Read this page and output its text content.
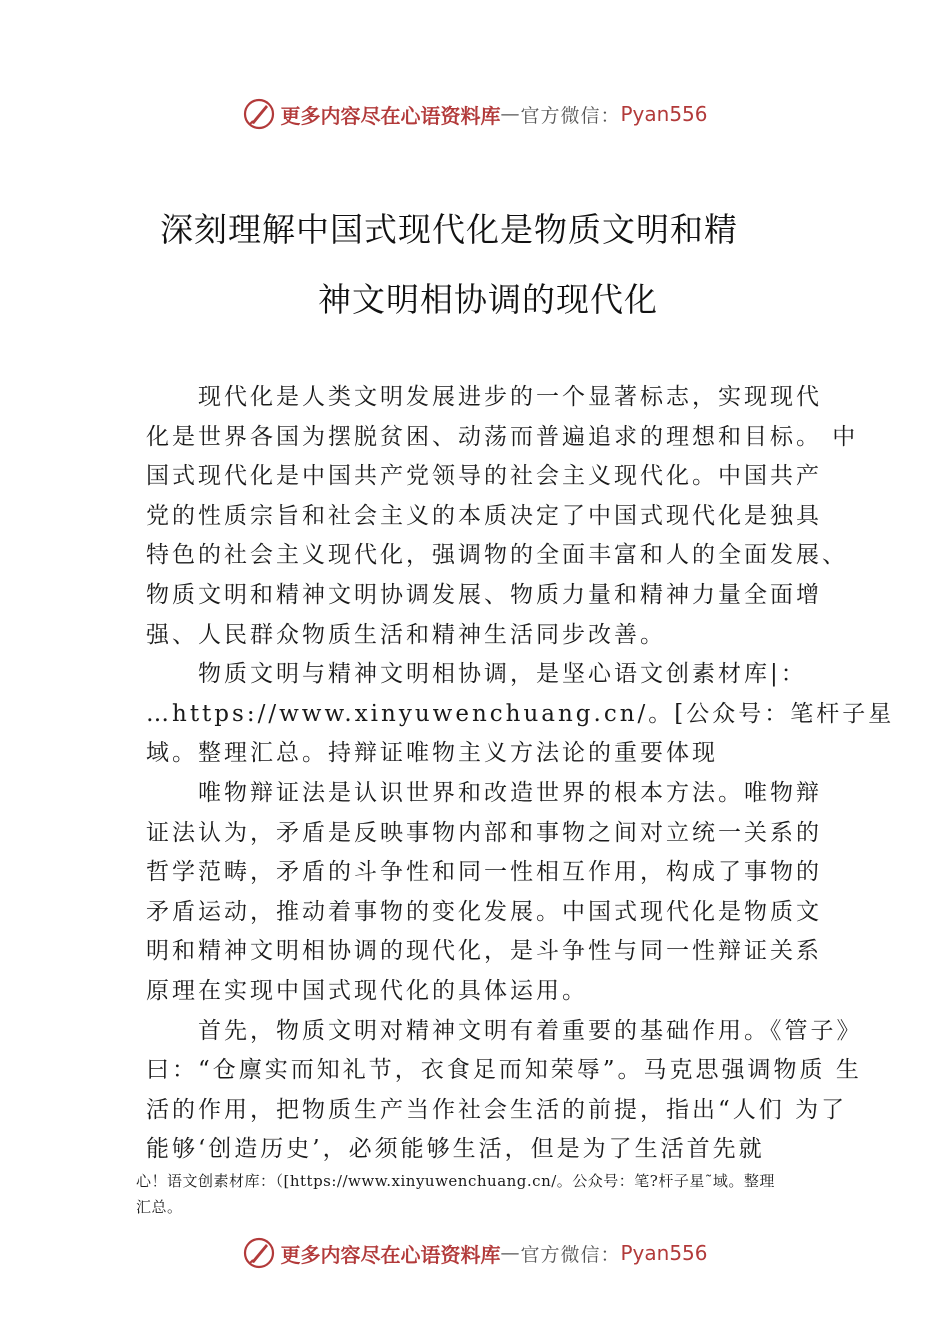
更多内容尽在心语资料库 — 官方微信： Pyan556
深刻理解中国式现代化是物质文明和精
神文明相协调的现代化
现代化是人类文明发展进步的一个显著标志，实现现代
化是世界各国为摆脱贫困、动荡而普遍追求的理想和目标。 中
国式现代化是中国共产党领导的社会主义现代化。中国共产
党的性质宗旨和社会主义的本质决定了中国式现代化是独具
特色的社会主义现代化，强调物的全面丰富和人的全面发展、
物质文明和精神文明协调发展、物质力量和精神力量全面增
强、人民群众物质生活和精神生活同步改善。
物质文明与精神文明相协调，是坚心语文创素材库|：
…https://www.xinyuwenchuang.cn/。[公众号：笔杆子星
域。整理汇总。持辩证唯物主义方法论的重要体现
唯物辩证法是认识世界和改造世界的根本方法。唯物辩
证法认为，矛盾是反映事物内部和事物之间对立统一关系的
哲学范畴，矛盾的斗争性和同一性相互作用，构成了事物的
矛盾运动，推动着事物的变化发展。中国式现代化是物质文
明和精神文明相协调的现代化，是斗争性与同一性辩证关系
原理在实现中国式现代化的具体运用。
首先，物质文明对精神文明有着重要的基础作用。《管子》
曰：“仓廪实而知礼节，衣食足而知荣辱”。马克思强调物质 生
活的作用，把物质生产当作社会生活的前提，指出“人们 为了
能够‘创造历史’，必须能够生活，但是为了生活首先就
心！语文创素材库：（[https://www.xinyuwenchuang.cn/。公众号：笔?杆子星˜域。整理
汇总。
更多内容尽在心语资料库 — 官方微信： Pyan556
